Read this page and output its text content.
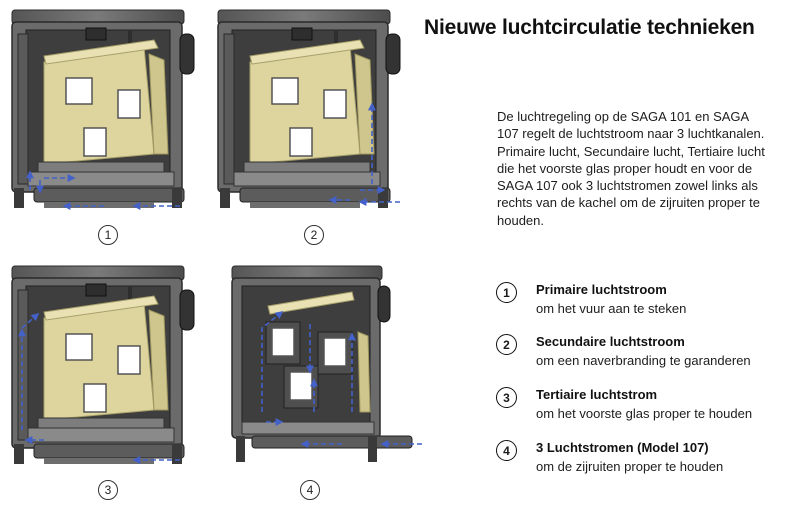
1	2
3	4
Nieuwe luchtcirculatie technieken
De luchtregeling op de SAGA 101 en SAGA 107 regelt de luchtstroom naar 3 luchtkanalen. Primaire lucht, Secundaire lucht, Tertiaire lucht die het voorste glas proper houdt en voor de SAGA 107 ook 3 luchtstromen zowel links als rechts van de kachel om de zijruiten proper te houden.
1	Primaire luchtstroom
om het vuur aan te steken
2	Secundaire luchtstroom
om een naverbranding te garanderen
3	Tertiaire luchtstrom
om het voorste glas proper te houden
4	3 Luchtstromen (Model 107)
om de zijruiten proper te houden
